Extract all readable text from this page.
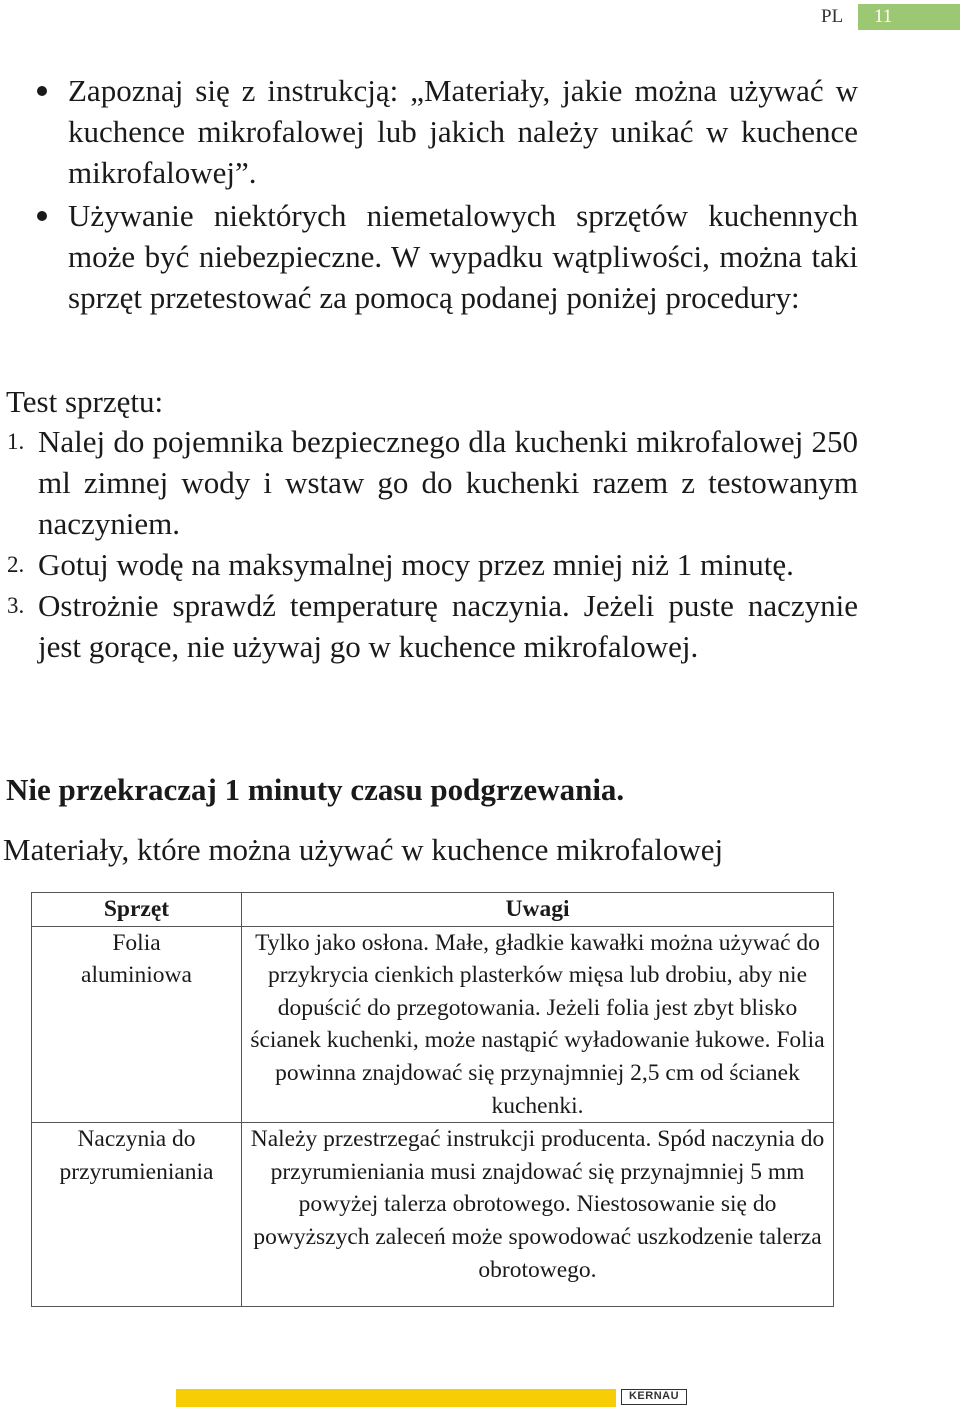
PL	11
Zapoznaj się z instrukcją: „Materiały, jakie można używać w kuchence mikrofalowej lub jakich należy unikać w kuchence mikrofalowej”.
Używanie niektórych niemetalowych sprzętów kuchennych może być niebezpieczne. W wypadku wątpliwości, można taki sprzęt przetestować za pomocą podanej poniżej procedury:
Test sprzętu:
1. Nalej do pojemnika bezpiecznego dla kuchenki mikrofalowej 250 ml zimnej wody i wstaw go do kuchenki razem z testowanym naczyniem.
2. Gotuj wodę na maksymalnej mocy przez mniej niż 1 minutę.
3. Ostrożnie sprawdź temperaturę naczynia. Jeżeli puste naczynie jest gorące, nie używaj go w kuchence mikrofalowej.
Nie przekraczaj 1 minuty czasu podgrzewania.
Materiały, które można używać w kuchence mikrofalowej
Sprzęt	Uwagi

Folia aluminiowa	Tylko jako osłona. Małe, gładkie kawałki można używać do przykrycia cienkich plasterków mięsa lub drobiu, aby nie dopuścić do przegotowania. Jeżeli folia jest zbyt blisko ścianek kuchenki, może nastąpić wyładowanie łukowe. Folia powinna znajdować się przynajmniej 2,5 cm od ścianek kuchenki.

Naczynia do przyrumieniania	Należy przestrzegać instrukcji producenta. Spód naczynia do przyrumieniania musi znajdować się przynajmniej 5 mm powyżej talerza obrotowego. Niestosowanie się do powyższych zaleceń może spowodować uszkodzenie talerza obrotowego.
KERNAU
